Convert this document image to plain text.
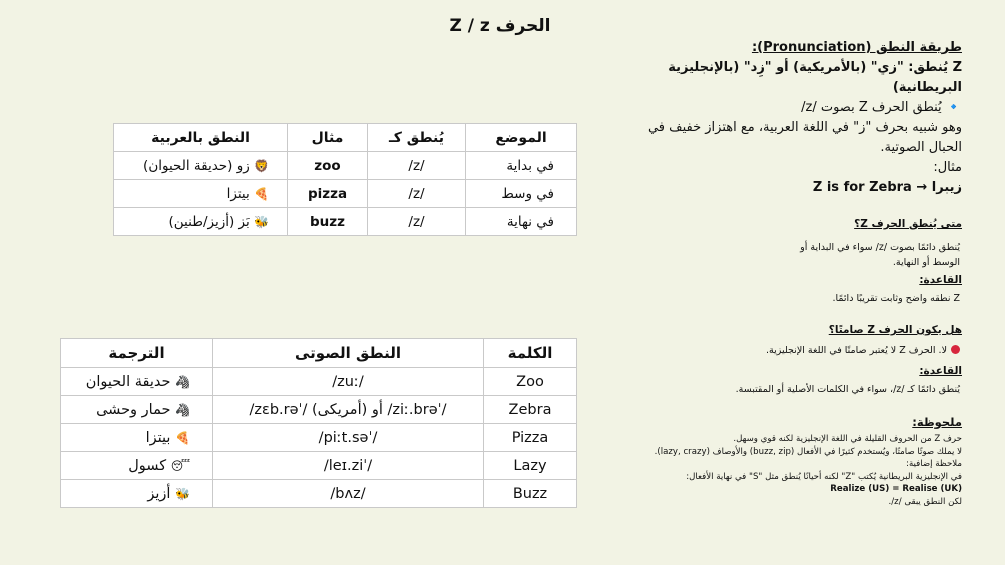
الحرف Z / z
طريقة النطق (Pronunciation):
Z يُنطق: "زي" (بالأمريكية) أو "زِد" (بالإنجليزية البريطانية)
🔹 يُنطق الحرف Z بصوت /z/
وهو شبيه بحرف "ز" في اللغة العربية، مع اهتزاز خفيف في
الحبال الصوتية.
مثال:
زيبرا → Z is for Zebra
متى يُنطق الحرف Z؟
يُنطق دائمًا بصوت /z/ سواء في البداية أو
الوسط أو النهاية.
القاعدة:
Z نطقه واضح وثابت تقريبًا دائمًا.
هل يكون الحرف Z صامتًا؟
لا. الحرف Z لا يُعتبر صامتًا في اللغة الإنجليزية.
القاعدة:
يُنطق دائمًا كـ /z/، سواء في الكلمات الأصلية أو المقتبسة.
ملحوظة:
حرف Z من الحروف القليلة في اللغة الإنجليزية لكنه قوي وسهل.
لا يملك صوتًا صامتًا، ويُستخدم كثيرًا في الأفعال (buzz, zip) والأوصاف (lazy, crazy).
ملاحظة إضافية:
في الإنجليزية البريطانية يُكتب "Z" لكنه أحيانًا يُنطق مثل "S" في نهاية الأفعال:
Realize (US) = Realise (UK)
لكن النطق يبقى /z/.
الموضع	يُنطق كـ	مثال	النطق بالعربية
في بداية	/z/	zoo	🦁 زو (حديقة الحيوان)
في وسط	/z/	pizza	🍕 بيتزا
في نهاية	/z/	buzz	🐝 بَز (أزيز/طنين)
الكلمة	النطق الصوتى	الترجمة
Zoo	/zuː/	🦓 حديقة الحيوان
Zebra	/ˈziː.brə/ أو (أمريكى) /ˈzɛb.rə/	🦓 حمار وحشى
Pizza	/ˈpiːt.sə/	🍕 بيتزا
Lazy	/ˈleɪ.zi/	😴 كسول
Buzz	/bʌz/	🐝 أزيز
